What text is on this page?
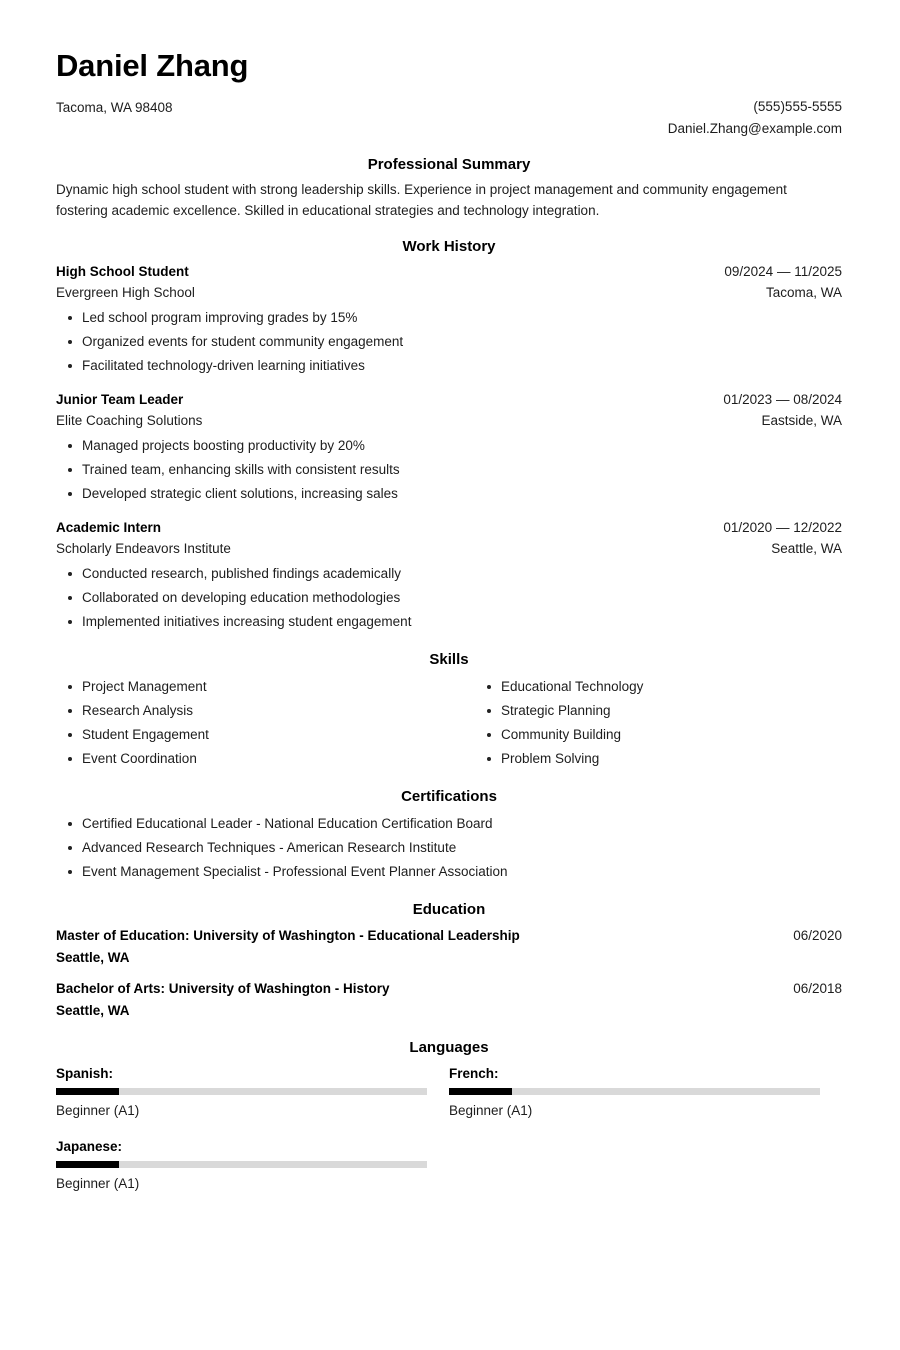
Daniel Zhang
Tacoma, WA 98408	(555)555-5555
Daniel.Zhang@example.com
Professional Summary
Dynamic high school student with strong leadership skills. Experience in project management and community engagement fostering academic excellence. Skilled in educational strategies and technology integration.
Work History
High School Student	09/2024 — 11/2025
Evergreen High School	Tacoma, WA
Led school program improving grades by 15%
Organized events for student community engagement
Facilitated technology-driven learning initiatives
Junior Team Leader	01/2023 — 08/2024
Elite Coaching Solutions	Eastside, WA
Managed projects boosting productivity by 20%
Trained team, enhancing skills with consistent results
Developed strategic client solutions, increasing sales
Academic Intern	01/2020 — 12/2022
Scholarly Endeavors Institute	Seattle, WA
Conducted research, published findings academically
Collaborated on developing education methodologies
Implemented initiatives increasing student engagement
Skills
Project Management
Research Analysis
Student Engagement
Event Coordination
Educational Technology
Strategic Planning
Community Building
Problem Solving
Certifications
Certified Educational Leader - National Education Certification Board
Advanced Research Techniques - American Research Institute
Event Management Specialist - Professional Event Planner Association
Education
Master of Education: University of Washington - Educational Leadership	06/2020
Seattle, WA
Bachelor of Arts: University of Washington - History	06/2018
Seattle, WA
Languages
Spanish:
Beginner (A1)
French:
Beginner (A1)
Japanese:
Beginner (A1)
